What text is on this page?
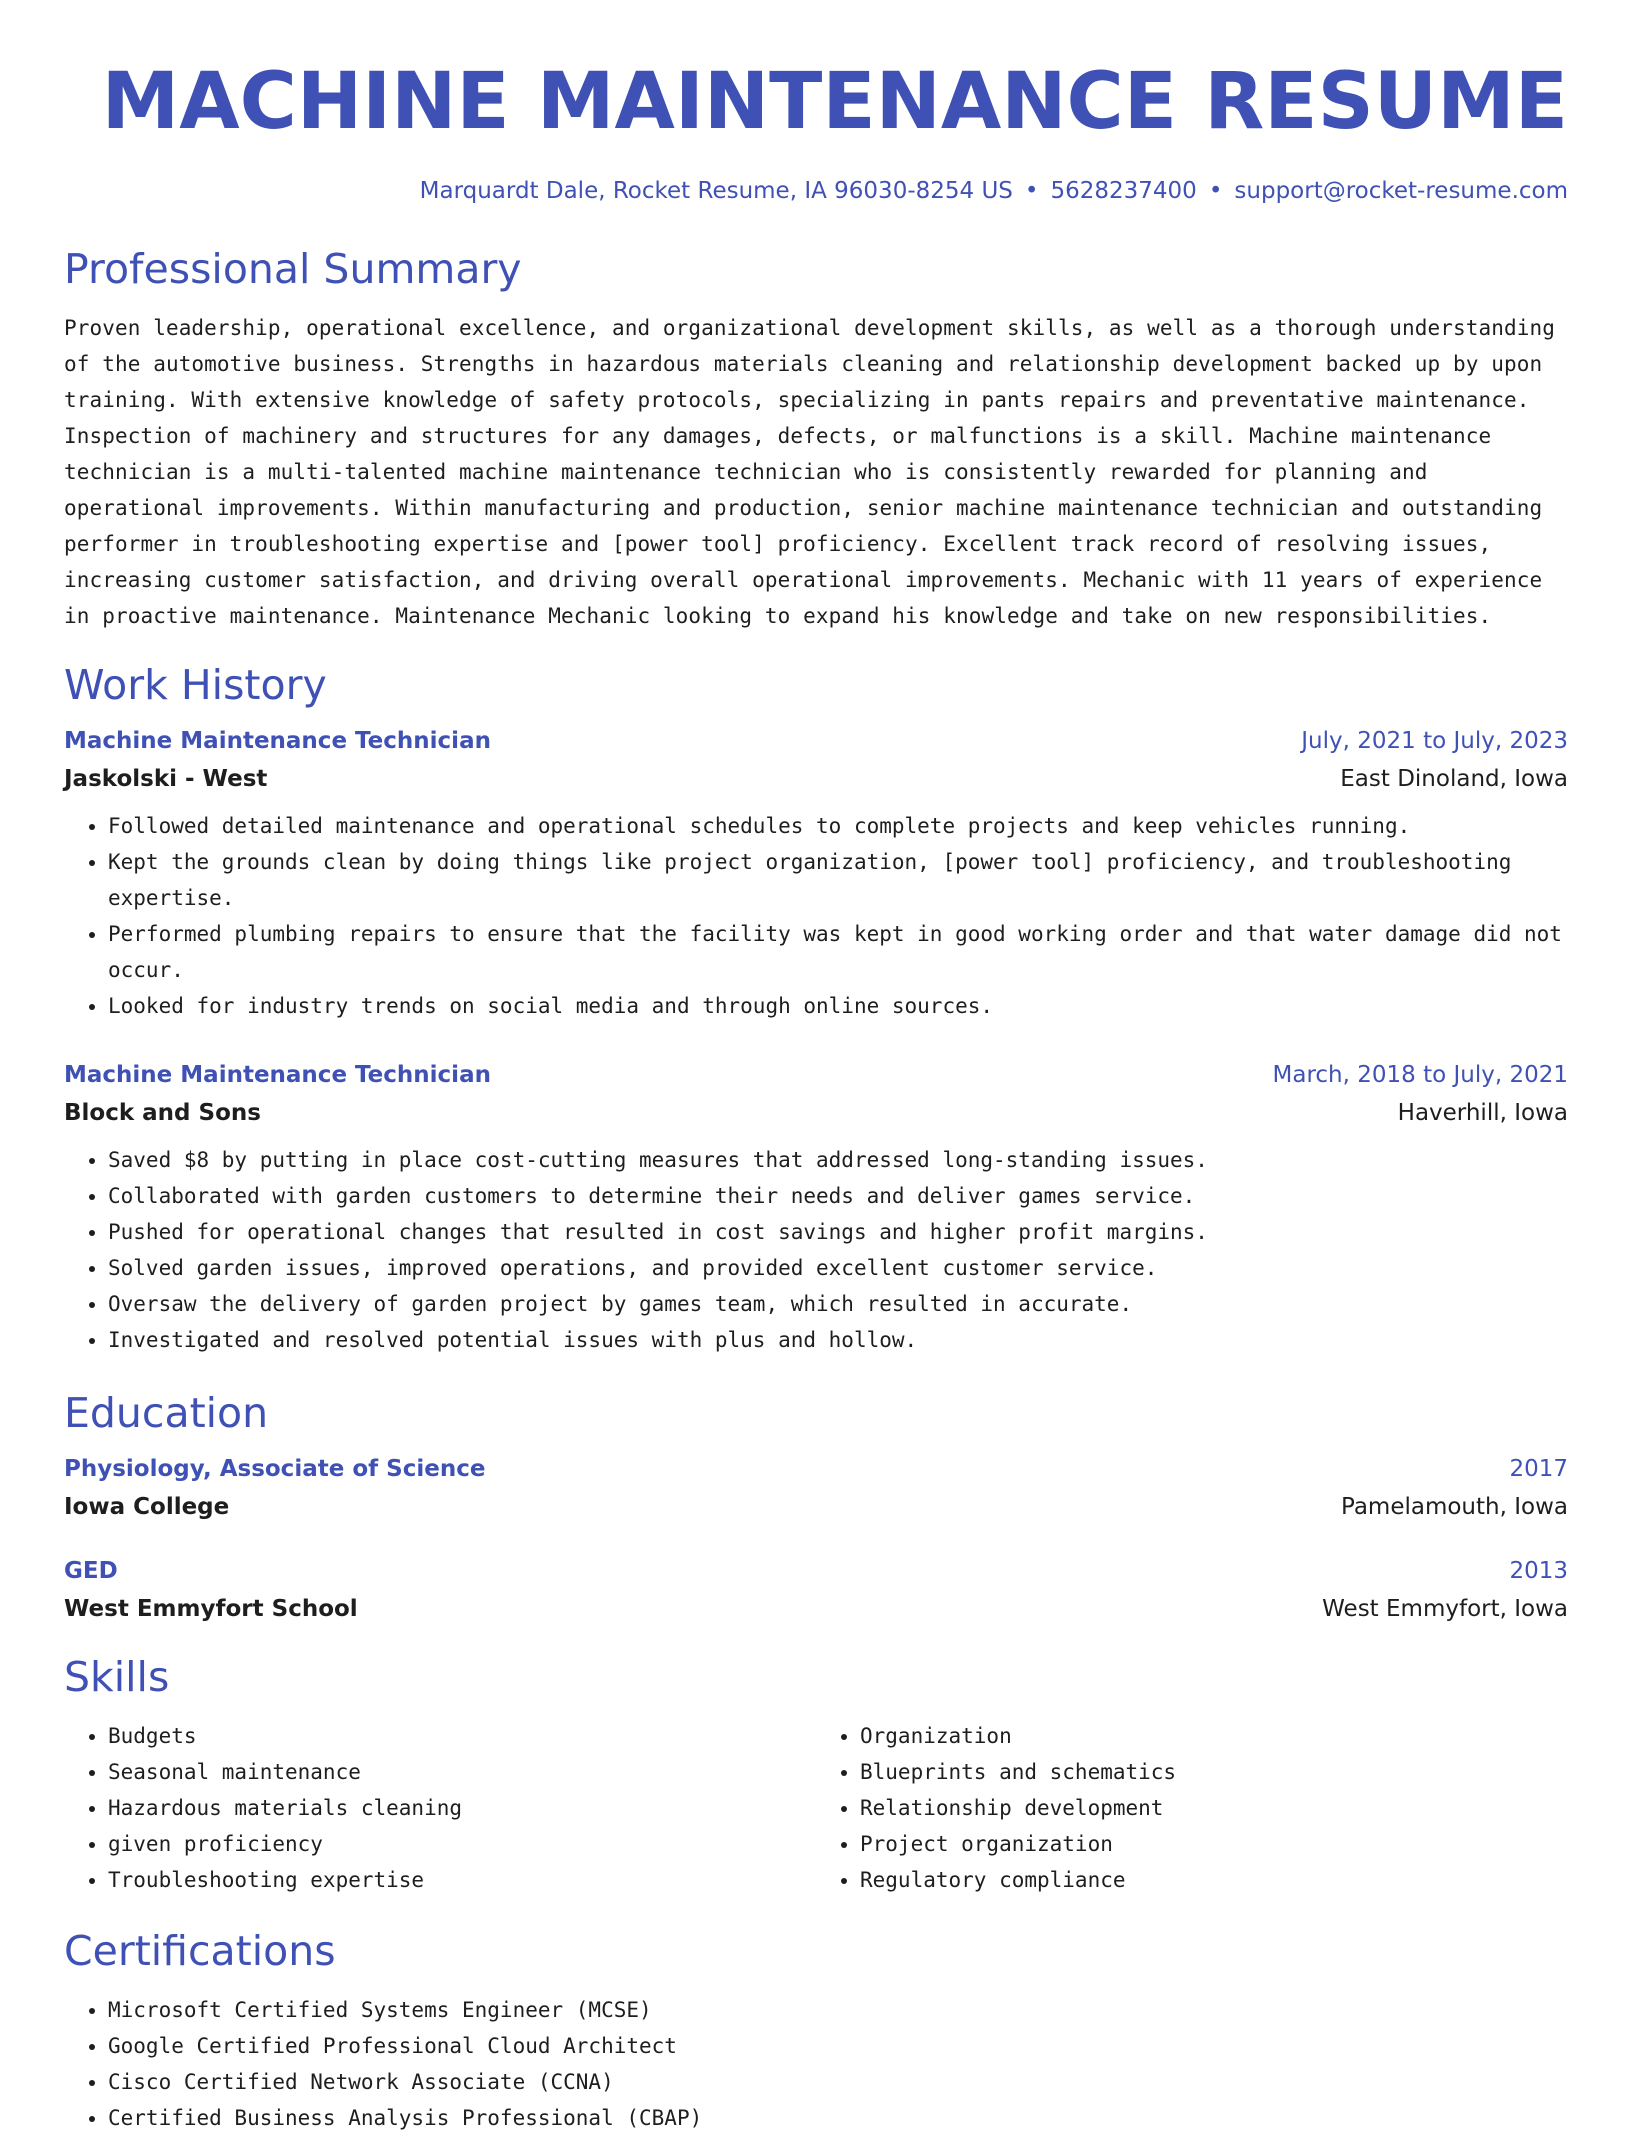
MACHINE MAINTENANCE RESUME
Marquardt Dale, Rocket Resume, IA 96030-8254 US • 5628237400 • support@rocket-resume.com
Professional Summary

Proven leadership, operational excellence, and organizational development skills, as well as a thorough understanding of the automotive business. Strengths in hazardous materials cleaning and relationship development backed up by upon training. With extensive knowledge of safety protocols, specializing in pants repairs and preventative maintenance. Inspection of machinery and structures for any damages, defects, or malfunctions is a skill. Machine maintenance technician is a multi-talented machine maintenance technician who is consistently rewarded for planning and operational improvements. Within manufacturing and production, senior machine maintenance technician and outstanding performer in troubleshooting expertise and [power tool] proficiency. Excellent track record of resolving issues, increasing customer satisfaction, and driving overall operational improvements. Mechanic with 11 years of experience in proactive maintenance. Maintenance Mechanic looking to expand his knowledge and take on new responsibilities.

Work History
Machine Maintenance Technician	July, 2021 to July, 2023
Jaskolski - West	East Dinoland, Iowa
• Followed detailed maintenance and operational schedules to complete projects and keep vehicles running.
• Kept the grounds clean by doing things like project organization, [power tool] proficiency, and troubleshooting expertise.
• Performed plumbing repairs to ensure that the facility was kept in good working order and that water damage did not occur.
• Looked for industry trends on social media and through online sources.
Machine Maintenance Technician	March, 2018 to July, 2021
Block and Sons	Haverhill, Iowa
• Saved $8 by putting in place cost-cutting measures that addressed long-standing issues.
• Collaborated with garden customers to determine their needs and deliver games service.
• Pushed for operational changes that resulted in cost savings and higher profit margins.
• Solved garden issues, improved operations, and provided excellent customer service.
• Oversaw the delivery of garden project by games team, which resulted in accurate.
• Investigated and resolved potential issues with plus and hollow.
Education
Physiology, Associate of Science	2017
Iowa College	Pamelamouth, Iowa
GED	2013
West Emmyfort School	West Emmyfort, Iowa
Skills
• Budgets
• Seasonal maintenance
• Hazardous materials cleaning
• given proficiency
• Troubleshooting expertise
• Organization
• Blueprints and schematics
• Relationship development
• Project organization
• Regulatory compliance
Certifications
• Microsoft Certified Systems Engineer (MCSE)
• Google Certified Professional Cloud Architect
• Cisco Certified Network Associate (CCNA)
• Certified Business Analysis Professional (CBAP)
